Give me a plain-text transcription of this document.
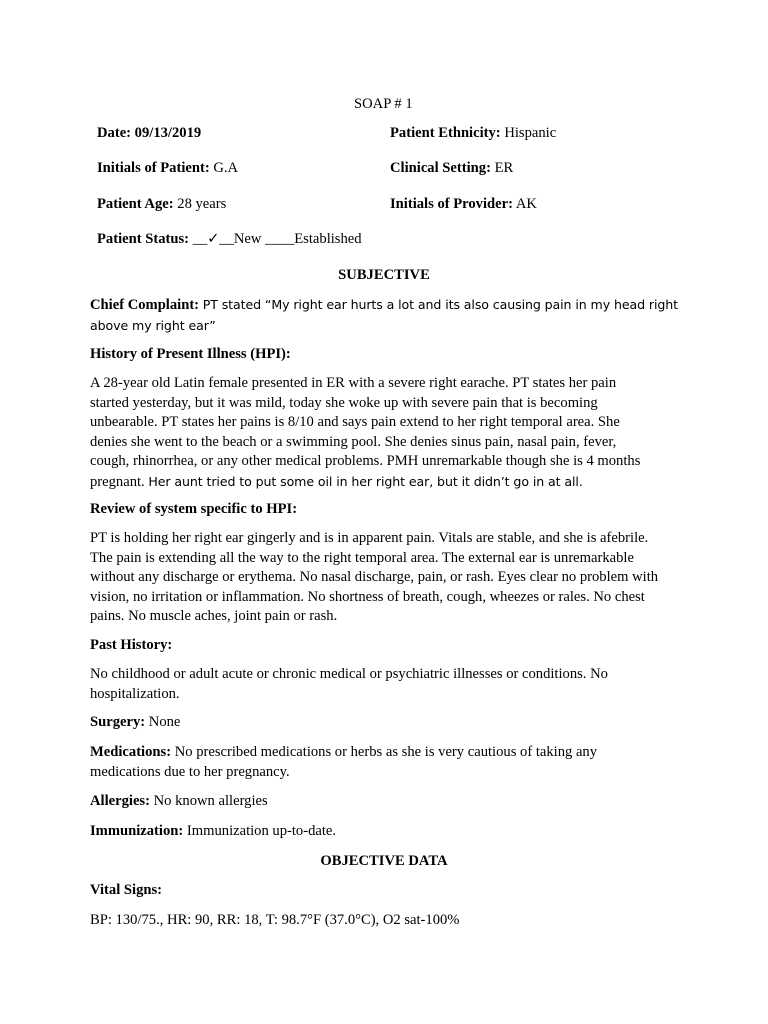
SOAP # 1
Date: 09/13/2019	Patient Ethnicity: Hispanic
Initials of Patient: G.A	Clinical Setting: ER
Patient Age: 28 years	Initials of Provider: AK
Patient Status: __✓__New ____Established
SUBJECTIVE

Chief Complaint: PT stated “My right ear hurts a lot and its also causing pain in my head right

above my right ear”

History of Present Illness (HPI):

A 28-year old Latin female presented in ER with a severe right earache. PT states her pain

started yesterday, but it was mild, today she woke up with severe pain that is becoming

unbearable. PT states her pains is 8/10 and says pain extend to her right temporal area. She

denies she went to the beach or a swimming pool. She denies sinus pain, nasal pain, fever,

cough, rhinorrhea, or any other medical problems. PMH unremarkable though she is 4 months

pregnant. Her aunt tried to put some oil in her right ear, but it didn’t go in at all.

Review of system specific to HPI:

PT is holding her right ear gingerly and is in apparent pain. Vitals are stable, and she is afebrile.

The pain is extending all the way to the right temporal area. The external ear is unremarkable

without any discharge or erythema. No nasal discharge, pain, or rash. Eyes clear no problem with

vision, no irritation or inflammation. No shortness of breath, cough, wheezes or rales. No chest

pains. No muscle aches, joint pain or rash.

Past History:

No childhood or adult acute or chronic medical or psychiatric illnesses or conditions. No

hospitalization.

Surgery: None

Medications: No prescribed medications or herbs as she is very cautious of taking any

medications due to her pregnancy.

Allergies: No known allergies
Immunization: Immunization up-to-date.
OBJECTIVE DATA
Vital Signs:
BP: 130/75., HR: 90, RR: 18, T: 98.7°F (37.0°C), O2 sat-100%
